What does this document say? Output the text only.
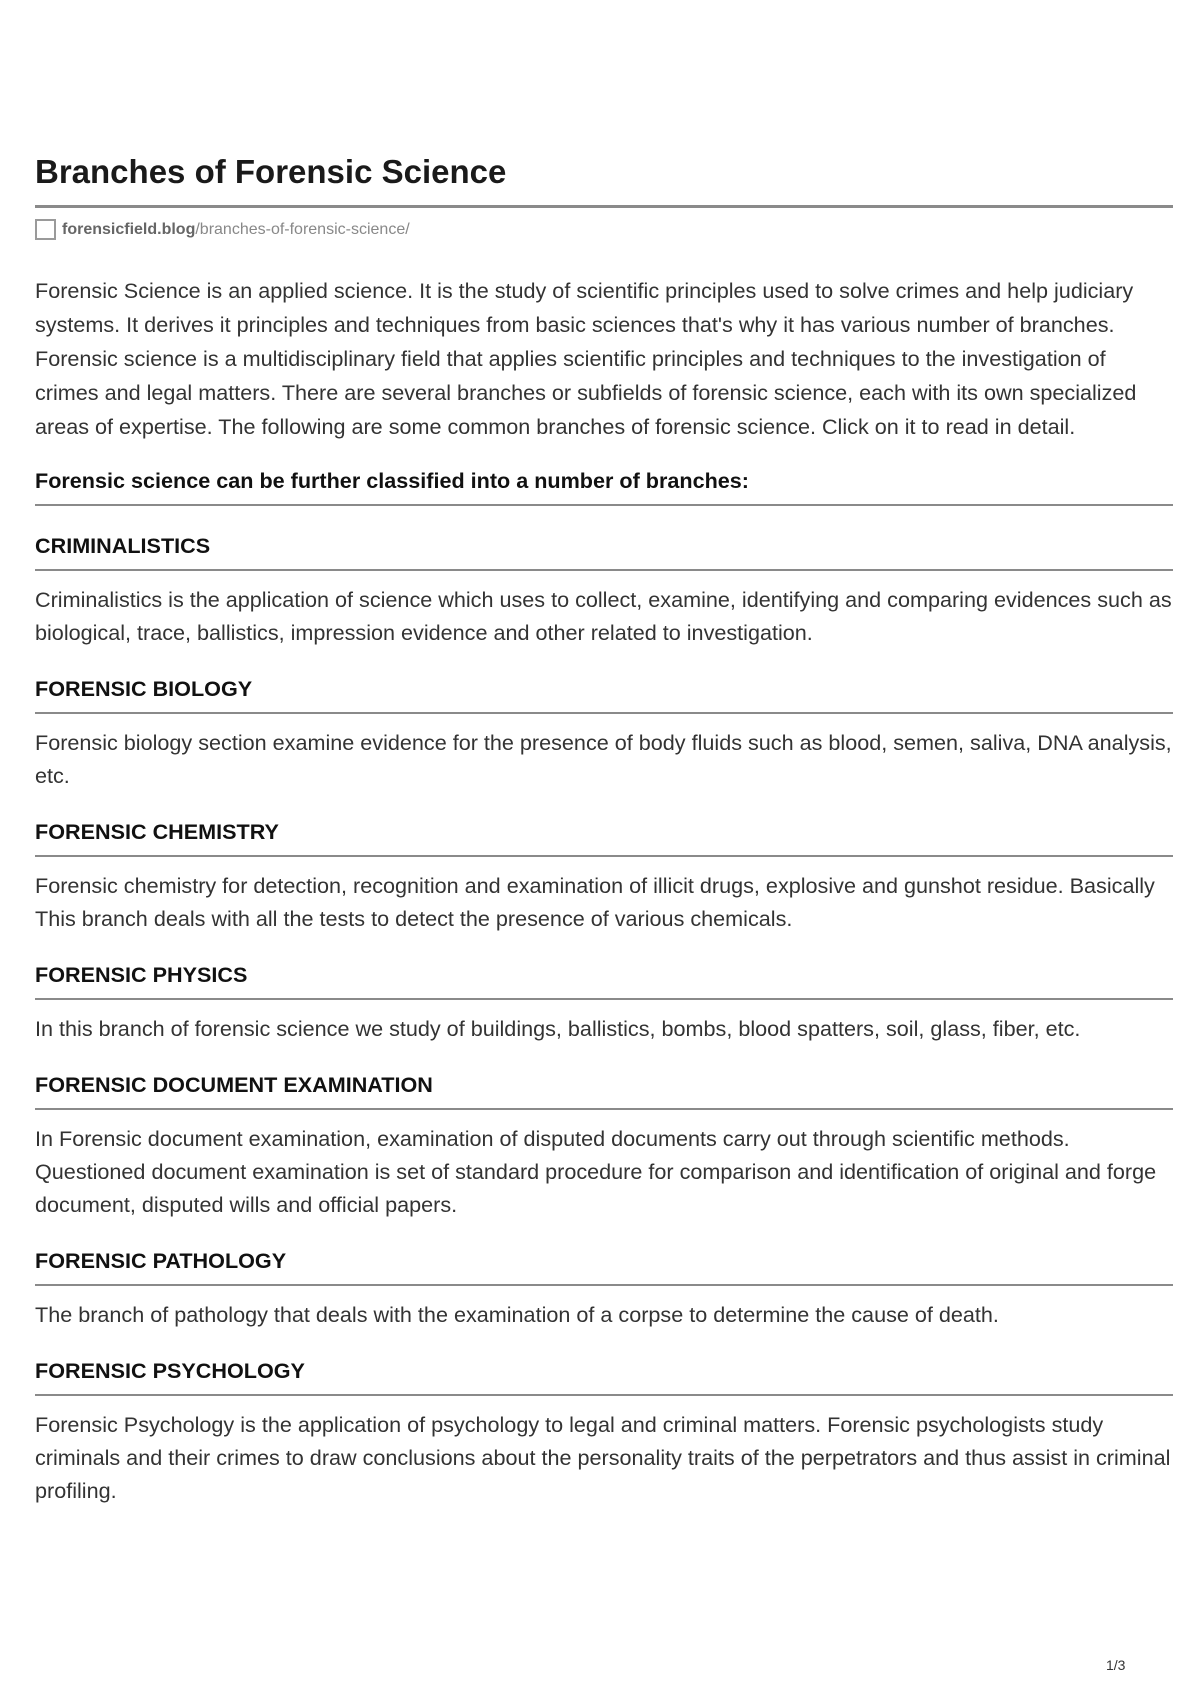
Branches of Forensic Science
forensicfield.blog /branches-of-forensic-science/
Forensic Science is an applied science. It is the study of scientific principles used to solve crimes and help judiciary systems. It derives it principles and techniques from basic sciences that's why it has various number of branches. Forensic science is a multidisciplinary field that applies scientific principles and techniques to the investigation of crimes and legal matters. There are several branches or subfields of forensic science, each with its own specialized areas of expertise. The following are some common branches of forensic science. Click on it to read in detail.
Forensic science can be further classified into a number of branches:
CRIMINALISTICS
Criminalistics is the application of science which uses to collect, examine, identifying and comparing evidences such as biological, trace, ballistics, impression evidence and other related to investigation.
FORENSIC BIOLOGY
Forensic biology section examine evidence for the presence of body fluids such as blood, semen, saliva, DNA analysis, etc.
FORENSIC CHEMISTRY
Forensic chemistry for detection, recognition and examination of illicit drugs, explosive and gunshot residue. Basically This branch deals with all the tests to detect the presence of various chemicals.
FORENSIC PHYSICS
In this branch of forensic science we study of buildings, ballistics, bombs, blood spatters, soil, glass, fiber, etc.
FORENSIC DOCUMENT EXAMINATION
In Forensic document examination, examination of disputed documents carry out through scientific methods. Questioned document examination is set of standard procedure for comparison and identification of original and forge document, disputed wills and official papers.
FORENSIC PATHOLOGY
The branch of pathology that deals with the examination of a corpse to determine the cause of death.
FORENSIC PSYCHOLOGY
Forensic Psychology is the application of psychology to legal and criminal matters. Forensic psychologists study criminals and their crimes to draw conclusions about the personality traits of the perpetrators and thus assist in criminal profiling.
1/3
